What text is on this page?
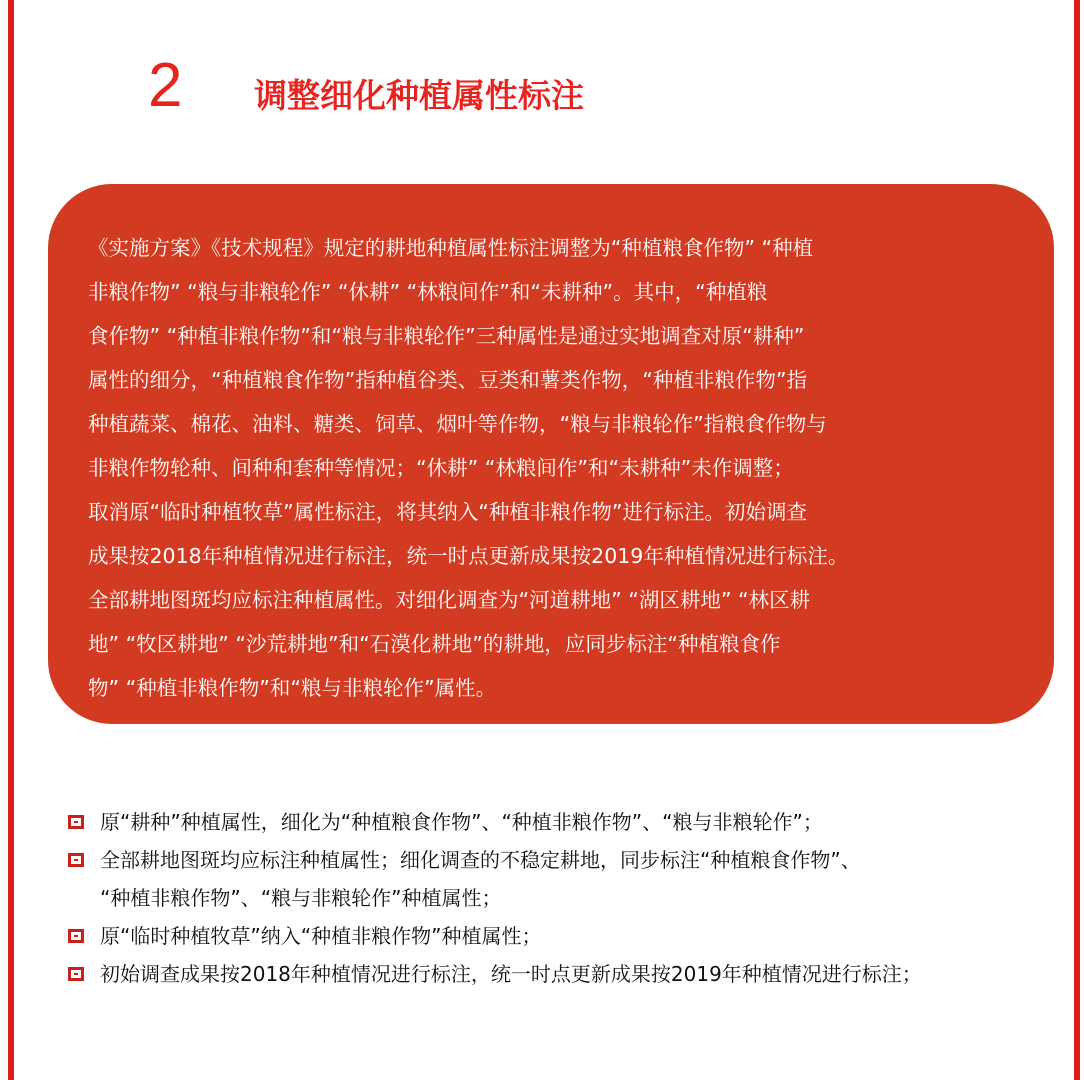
2	调整细化种植属性标注
《实施方案》《技术规程》规定的耕地种植属性标注调整为“种植粮食作物” “种植
非粮作物” “粮与非粮轮作” “休耕” “林粮间作”和“未耕种”。其中，“种植粮
食作物” “种植非粮作物”和“粮与非粮轮作”三种属性是通过实地调查对原“耕种”
属性的细分，“种植粮食作物”指种植谷类、豆类和薯类作物，“种植非粮作物”指
种植蔬菜、棉花、油料、糖类、饲草、烟叶等作物，“粮与非粮轮作”指粮食作物与
非粮作物轮种、间种和套种等情况；“休耕” “林粮间作”和“未耕种”未作调整；
取消原“临时种植牧草”属性标注，将其纳入“种植非粮作物”进行标注。初始调查
成果按2018年种植情况进行标注，统一时点更新成果按2019年种植情况进行标注。
全部耕地图斑均应标注种植属性。对细化调查为“河道耕地” “湖区耕地” “林区耕
地” “牧区耕地” “沙荒耕地”和“石漠化耕地”的耕地，应同步标注“种植粮食作
物” “种植非粮作物”和“粮与非粮轮作”属性。
原“耕种”种植属性，细化为“种植粮食作物”、“种植非粮作物”、“粮与非粮轮作”；
全部耕地图斑均应标注种植属性；细化调查的不稳定耕地，同步标注“种植粮食作物”、
“种植非粮作物”、“粮与非粮轮作”种植属性；
原“临时种植牧草”纳入“种植非粮作物”种植属性；
初始调查成果按2018年种植情况进行标注，统一时点更新成果按2019年种植情况进行标注；
